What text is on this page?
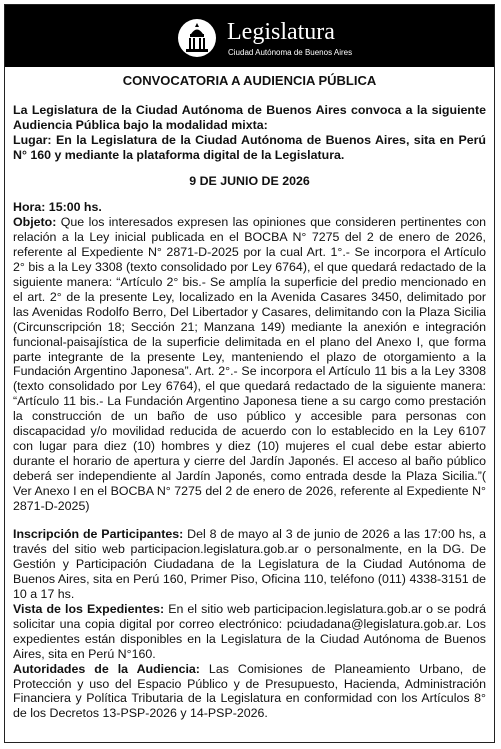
Legislatura
Ciudad Autónoma de Buenos Aires
CONVOCATORIA A AUDIENCIA PÚBLICA

La Legislatura de la Ciudad Autónoma de Buenos Aires convoca a la siguiente Audiencia Pública bajo la modalidad mixta:

Lugar: En la Legislatura de la Ciudad Autónoma de Buenos Aires, sita en Perú N° 160 y mediante la plataforma digital de la Legislatura.

9 DE JUNIO DE 2026

Hora: 15:00 hs.

Objeto: Que los interesados expresen las opiniones que consideren pertinentes con relación a la Ley inicial publicada en el BOCBA N° 7275 del 2 de enero de 2026, referente al Expediente N° 2871-D-2025 por la cual Art. 1°.- Se incorpora el Artículo 2° bis a la Ley 3308 (texto consolidado por Ley 6764), el que quedará redactado de la siguiente manera: “Artículo 2° bis.- Se amplía la superficie del predio mencionado en el art. 2° de la presente Ley, localizado en la Avenida Casares 3450, delimitado por las Avenidas Rodolfo Berro, Del Libertador y Casares, delimitando con la Plaza Sicilia (Circunscripción 18; Sección 21; Manzana 149) mediante la anexión e integración funcional-paisajística de la superficie delimitada en el plano del Anexo I, que forma parte integrante de la presente Ley, manteniendo el plazo de otorgamiento a la Fundación Argentino Japonesa”. Art. 2°.- Se incorpora el Artículo 11 bis a la Ley 3308 (texto consolidado por Ley 6764), el que quedará redactado de la siguiente manera: “Artículo 11 bis.- La Fundación Argentino Japonesa tiene a su cargo como prestación la construcción de un baño de uso público y accesible para personas con discapacidad y/o movilidad reducida de acuerdo con lo establecido en la Ley 6107 con lugar para diez (10) hombres y diez (10) mujeres el cual debe estar abierto durante el horario de apertura y cierre del Jardín Japonés. El acceso al baño público deberá ser independiente al Jardín Japonés, como entrada desde la Plaza Sicilia.”( Ver Anexo I en el BOCBA N° 7275 del 2 de enero de 2026, referente al Expediente N° 2871-D-2025)

Inscripción de Participantes: Del 8 de mayo al 3 de junio de 2026 a las 17:00 hs, a través del sitio web participacion.legislatura.gob.ar o personalmente, en la DG. De Gestión y Participación Ciudadana de la Legislatura de la Ciudad Autónoma de Buenos Aires, sita en Perú 160, Primer Piso, Oficina 110, teléfono (011) 4338-3151 de 10 a 17 hs.

Vista de los Expedientes: En el sitio web participacion.legislatura.gob.ar o se podrá solicitar una copia digital por correo electrónico: pciudadana@legislatura.gob.ar. Los expedientes están disponibles en la Legislatura de la Ciudad Autónoma de Buenos Aires, sita en Perú N°160.

Autoridades de la Audiencia: Las Comisiones de Planeamiento Urbano, de Protección y uso del Espacio Público y de Presupuesto, Hacienda, Administración Financiera y Política Tributaria de la Legislatura en conformidad con los Artículos 8° de los Decretos 13-PSP-2026 y 14-PSP-2026.
